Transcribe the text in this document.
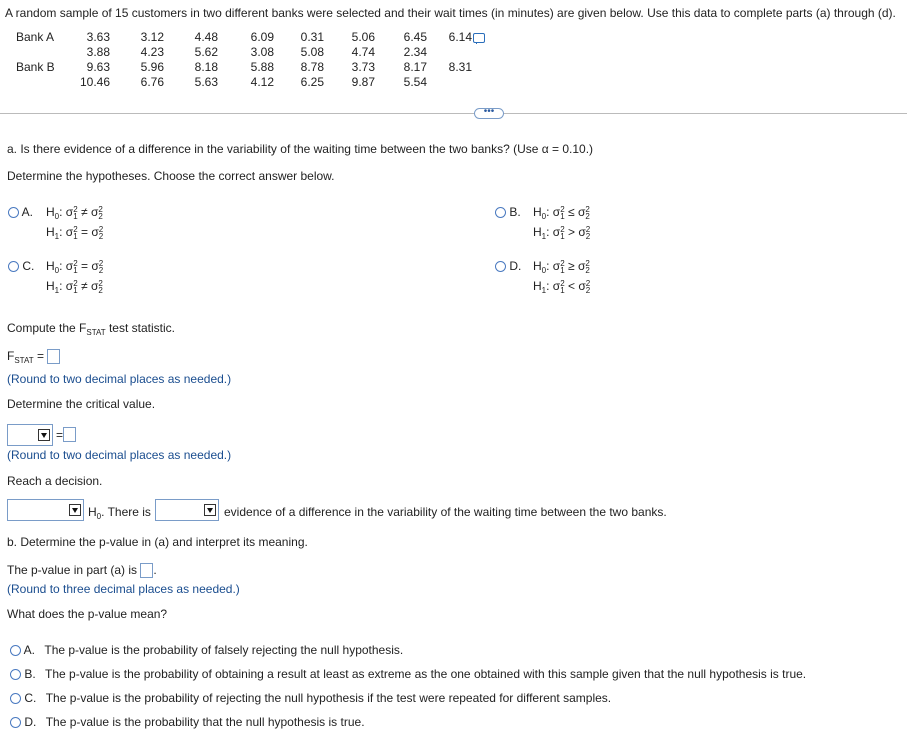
A random sample of 15 customers in two different banks were selected and their wait times (in minutes) are given below. Use this data to complete parts (a) through (d).
Bank A	3.63	3.12	4.48	6.09	0.31	5.06	6.45	6.14
	3.88	4.23	5.62	3.08	5.08	4.74	2.34	
Bank B	9.63	5.96	8.18	5.88	8.78	3.73	8.17	8.31
	10.46	6.76	5.63	4.12	6.25	9.87	5.54	
•••
a. Is there evidence of a difference in the variability of the waiting time between the two banks? (Use α = 0.10.)
Determine the hypotheses. Choose the correct answer below.
A. $H_0$: σ2
1 ≠ σ2
2
$H_1$: σ2
1 = σ2
2
B. $H_0$: σ2
1 ≤ σ2
2
$H_1$: σ2
1 > σ2
2
C. $H_0$: σ2
1 = σ2
2
$H_1$: σ2
1 ≠ σ2
2
D. $H_0$: σ2
1 ≥ σ2
2
$H_1$: σ2
1 < σ2
2
Compute the $F_{STAT}$ test statistic.
$F_{STAT}$ =
(Round to two decimal places as needed.)
Determine the critical value.
=
(Round to two decimal places as needed.)
Reach a decision.
$H_0$. There is	evidence of a difference in the variability of the waiting time between the two banks.
b. Determine the p-value in (a) and interpret its meaning.
The p-value in part (a) is .
(Round to three decimal places as needed.)
What does the p-value mean?
A. The p-value is the probability of falsely rejecting the null hypothesis.
B. The p-value is the probability of obtaining a result at least as extreme as the one obtained with this sample given that the null hypothesis is true.
C. The p-value is the probability of rejecting the null hypothesis if the test were repeated for different samples.
D. The p-value is the probability that the null hypothesis is true.
